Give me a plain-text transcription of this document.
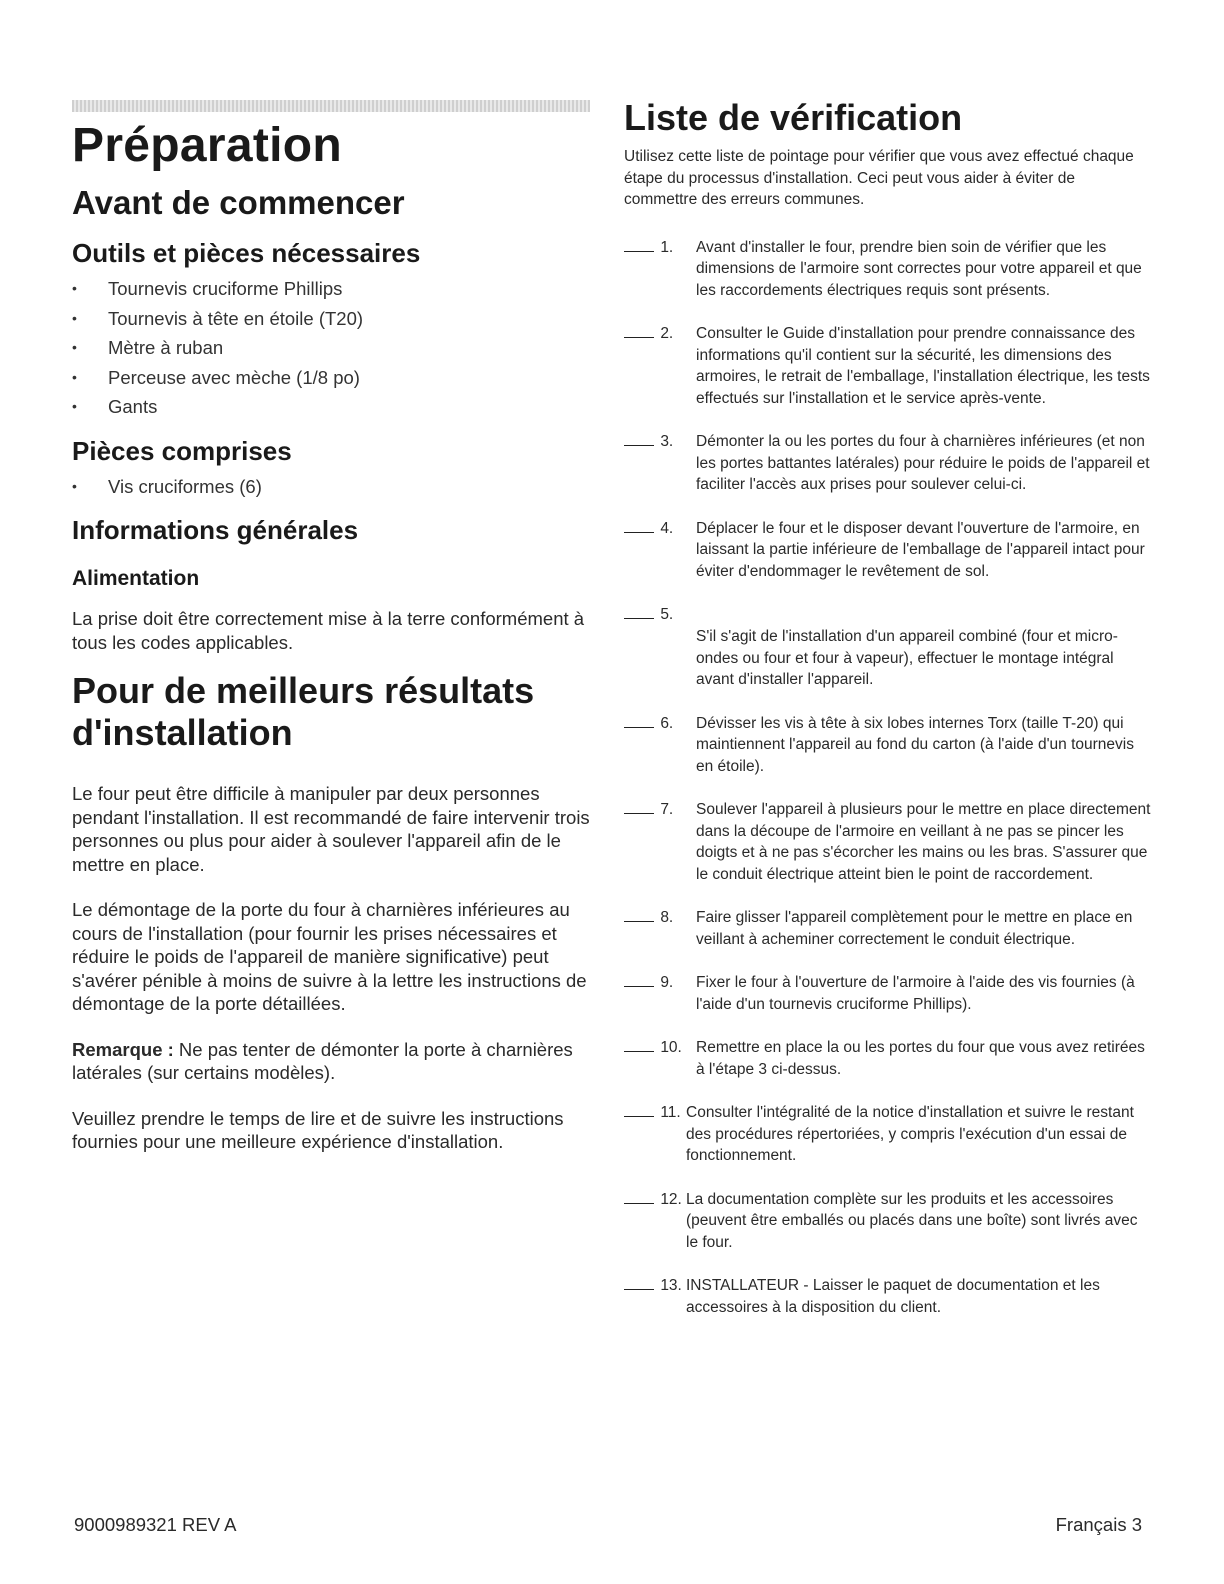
Préparation
Avant de commencer
Outils et pièces nécessaires
• Tournevis cruciforme Phillips
• Tournevis à tête en étoile (T20)
• Mètre à ruban
• Perceuse avec mèche (1/8 po)
• Gants
Pièces comprises
• Vis cruciformes (6)
Informations générales
Alimentation

La prise doit être correctement mise à la terre conformément à tous les codes applicables.

Pour de meilleurs résultats d'installation

Le four peut être difficile à manipuler par deux personnes pendant l'installation. Il est recommandé de faire intervenir trois personnes ou plus pour aider à soulever l'appareil afin de le mettre en place.

Le démontage de la porte du four à charnières inférieures au cours de l'installation (pour fournir les prises nécessaires et réduire le poids de l'appareil de manière significative) peut s'avérer pénible à moins de suivre à la lettre les instructions de démontage de la porte détaillées.

Remarque : Ne pas tenter de démonter la porte à charnières latérales (sur certains modèles).

Veuillez prendre le temps de lire et de suivre les instructions fournies pour une meilleure expérience d'installation.

Liste de vérification

Utilisez cette liste de pointage pour vérifier que vous avez effectué chaque étape du processus d'installation. Ceci peut vous aider à éviter de commettre des erreurs communes.

1.	Avant d'installer le four, prendre bien soin de vérifier que les dimensions de l'armoire sont correctes pour votre appareil et que les raccordements électriques requis sont présents.
2.	Consulter le Guide d'installation pour prendre connaissance des informations qu'il contient sur la sécurité, les dimensions des armoires, le retrait de l'emballage, l'installation électrique, les tests effectués sur l'installation et le service après-vente.
3.	Démonter la ou les portes du four à charnières inférieures (et non les portes battantes latérales) pour réduire le poids de l'appareil et faciliter l'accès aux prises pour soulever celui-ci.
4.	Déplacer le four et le disposer devant l'ouverture de l'armoire, en laissant la partie inférieure de l'emballage de l'appareil intact pour éviter d'endommager le revêtement de sol.
5.
S'il s'agit de l'installation d'un appareil combiné (four et micro-ondes ou four et four à vapeur), effectuer le montage intégral avant d'installer l'appareil.
6.	Dévisser les vis à tête à six lobes internes Torx (taille T-20) qui maintiennent l'appareil au fond du carton (à l'aide d'un tournevis en étoile).
7.	Soulever l'appareil à plusieurs pour le mettre en place directement dans la découpe de l'armoire en veillant à ne pas se pincer les doigts et à ne pas s'écorcher les mains ou les bras. S'assurer que le conduit électrique atteint bien le point de raccordement.
8.	Faire glisser l'appareil complètement pour le mettre en place en veillant à acheminer correctement le conduit électrique.
9.	Fixer le four à l'ouverture de l'armoire à l'aide des vis fournies (à l'aide d'un tournevis cruciforme Phillips).
10. Remettre en place la ou les portes du four que vous avez retirées à l'étape 3 ci-dessus.
11. Consulter l'intégralité de la notice d'installation et suivre le restant des procédures répertoriées, y compris l'exécution d'un essai de fonctionnement.
12. La documentation complète sur les produits et les accessoires (peuvent être emballés ou placés dans une boîte) sont livrés avec le four.
13. INSTALLATEUR - Laisser le paquet de documentation et les accessoires à la disposition du client.
9000989321 REV A	Français 3
